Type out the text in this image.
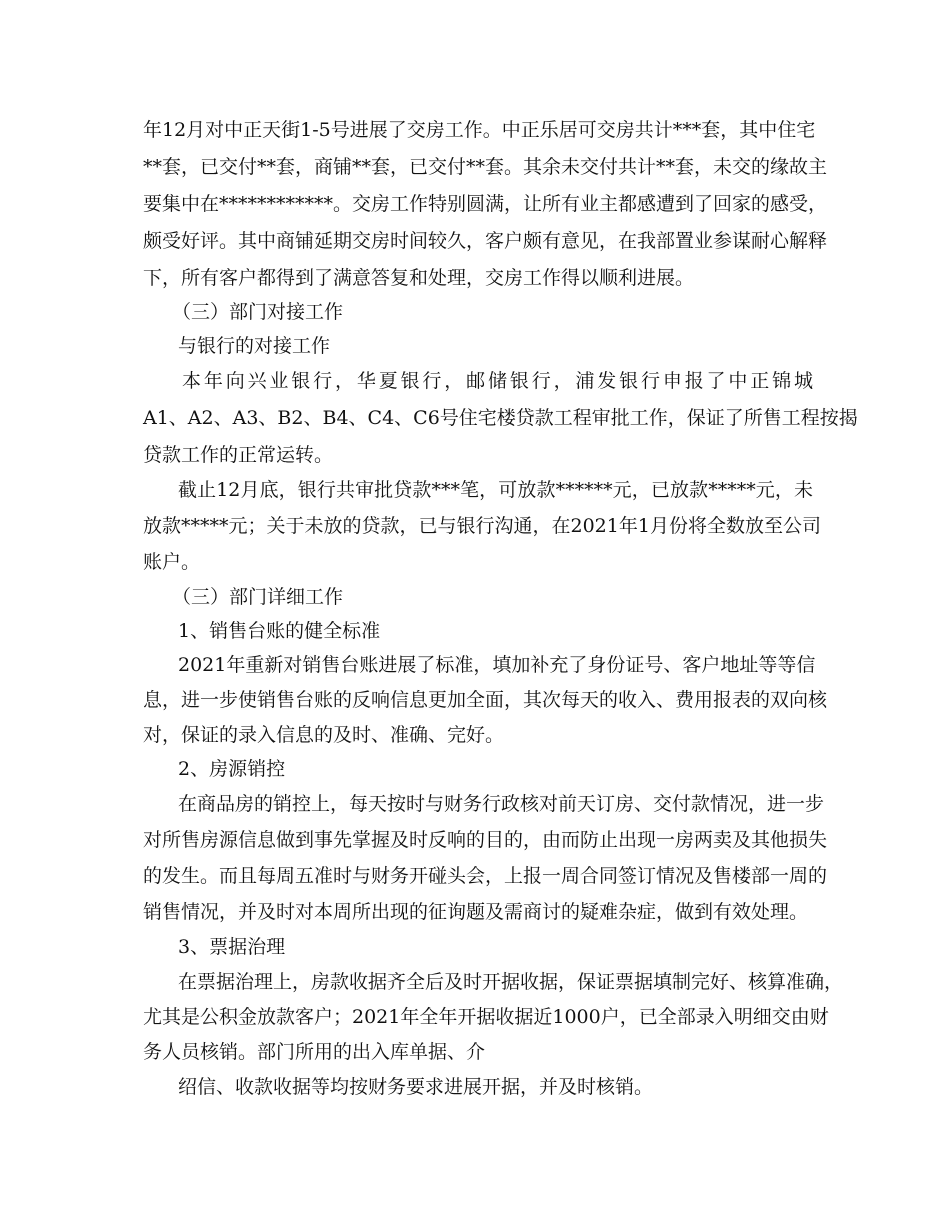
年12月对中正天街1-5号进展了交房工作。中正乐居可交房共计***套，其中住宅
**套，已交付**套，商铺**套，已交付**套。其余未交付共计**套，未交的缘故主
要集中在************。交房工作特别圆满，让所有业主都感遭到了回家的感受，
颇受好评。其中商铺延期交房时间较久，客户颇有意见，在我部置业参谋耐心解释
下，所有客户都得到了满意答复和处理，交房工作得以顺利进展。
（三）部门对接工作
与银行的对接工作
本年向兴业银行，华夏银行，邮储银行，浦发银行申报了中正锦城
A1、A2、A3、B2、B4、C4、C6号住宅楼贷款工程审批工作，保证了所售工程按揭
贷款工作的正常运转。
截止12月底，银行共审批贷款***笔，可放款******元，已放款*****元，未
放款*****元；关于未放的贷款，已与银行沟通，在2021年1月份将全数放至公司
账户。
（三）部门详细工作
1、销售台账的健全标准
2021年重新对销售台账进展了标准，填加补充了身份证号、客户地址等等信
息，进一步使销售台账的反响信息更加全面，其次每天的收入、费用报表的双向核
对，保证的录入信息的及时、准确、完好。
2、房源销控
在商品房的销控上，每天按时与财务行政核对前天订房、交付款情况，进一步
对所售房源信息做到事先掌握及时反响的目的，由而防止出现一房两卖及其他损失
的发生。而且每周五准时与财务开碰头会，上报一周合同签订情况及售楼部一周的
销售情况，并及时对本周所出现的征询题及需商讨的疑难杂症，做到有效处理。
3、票据治理
在票据治理上，房款收据齐全后及时开据收据，保证票据填制完好、核算准确，
尤其是公积金放款客户；2021年全年开据收据近1000户，已全部录入明细交由财
务人员核销。部门所用的出入库单据、介
绍信、收款收据等均按财务要求进展开据，并及时核销。
